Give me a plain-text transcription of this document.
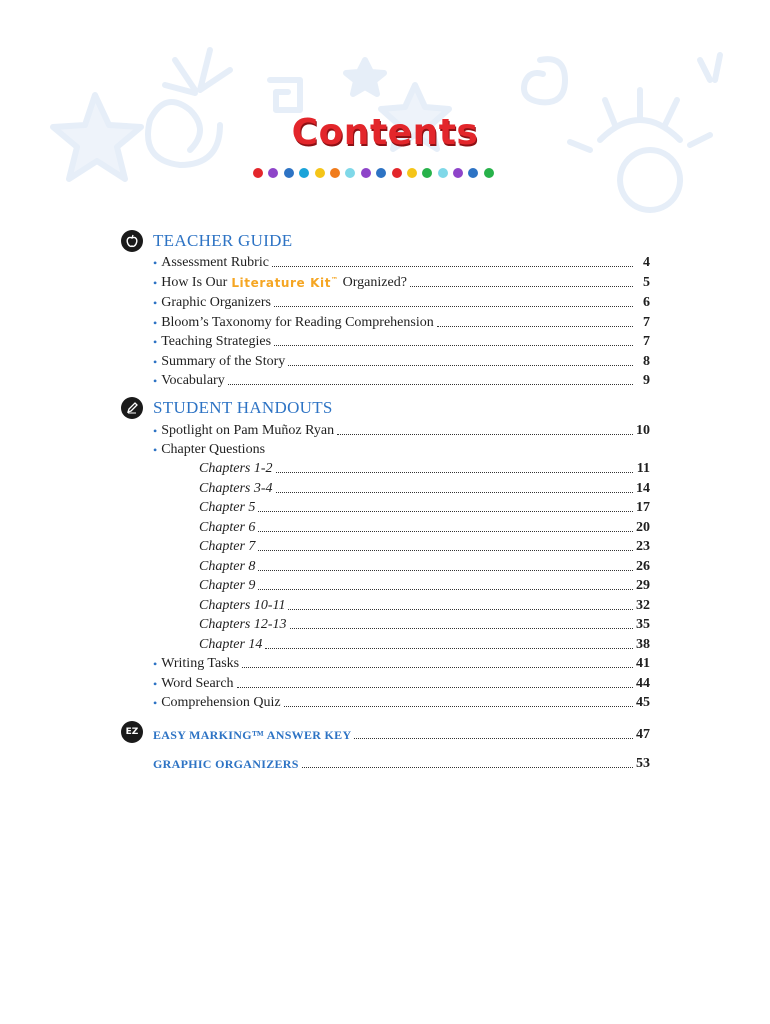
Contents
TEACHER GUIDE
• Assessment Rubric	4
• How Is Our Literature Kit™ Organized?	5
• Graphic Organizers	6
• Bloom’s Taxonomy for Reading Comprehension	7
• Teaching Strategies	7
• Summary of the Story	8
• Vocabulary	9
STUDENT HANDOUTS
• Spotlight on Pam Muñoz Ryan	10
• Chapter Questions
Chapters 1-2	11
Chapters 3-4	14
Chapter 5	17
Chapter 6	20
Chapter 7	23
Chapter 8	26
Chapter 9	29
Chapters 10-11	32
Chapters 12-13	35
Chapter 14	38
• Writing Tasks	41
• Word Search	44
• Comprehension Quiz	45
EZ EASY MARKING™ ANSWER KEY	47
GRAPHIC ORGANIZERS	53
